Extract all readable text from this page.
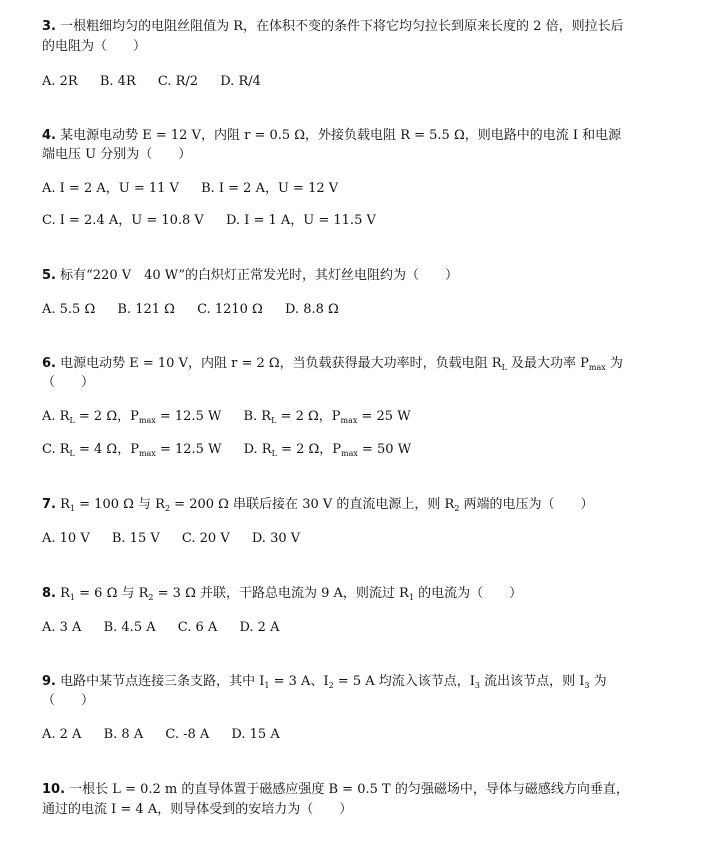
3. 一根粗细均匀的电阻丝阻值为 R，在体积不变的条件下将它均匀拉长到原来长度的 2 倍，则拉长后
的电阻为（　　）
A. 2R B. 4R C. R/2 D. R/4
4. 某电源电动势 E = 12 V，内阻 r = 0.5 Ω，外接负载电阻 R = 5.5 Ω，则电路中的电流 I 和电源
端电压 U 分别为（　　）
A. I = 2 A，U = 11 V B. I = 2 A，U = 12 V
C. I = 2.4 A，U = 10.8 V D. I = 1 A，U = 11.5 V
5. 标有“220 V　40 W”的白炽灯正常发光时，其灯丝电阻约为（　　）
A. 5.5 Ω B. 121 Ω C. 1210 Ω D. 8.8 Ω
6. 电源电动势 E = 10 V，内阻 r = 2 Ω，当负载获得最大功率时，负载电阻 $R_L$ 及最大功率 $P_{max}$ 为
（　　）
A. $R_L = 2$ Ω，$P_{max} = 12.5$ W B. $R_L = 2$ Ω，$P_{max} = 25$ W
C. $R_L = 4$ Ω，$P_{max} = 12.5$ W D. $R_L = 2$ Ω，$P_{max} = 50$ W
7. $R_1 = 100$ Ω 与 $R_2 = 200$ Ω 串联后接在 30 V 的直流电源上，则 $R_2$ 两端的电压为（　　）
A. 10 V B. 15 V C. 20 V D. 30 V
8. $R_1 = 6$ Ω 与 $R_2 = 3$ Ω 并联，干路总电流为 9 A，则流过 $R_1$ 的电流为（　　）
A. 3 A B. 4.5 A C. 6 A D. 2 A
9. 电路中某节点连接三条支路，其中 $I_1 = 3$ A、$I_2 = 5$ A 均流入该节点，$I_3$ 流出该节点，则 $I_3$ 为
（　　）
A. 2 A B. 8 A C. -8 A D. 15 A
10. 一根长 L = 0.2 m 的直导体置于磁感应强度 B = 0.5 T 的匀强磁场中，导体与磁感线方向垂直，
通过的电流 I = 4 A，则导体受到的安培力为（　　）
